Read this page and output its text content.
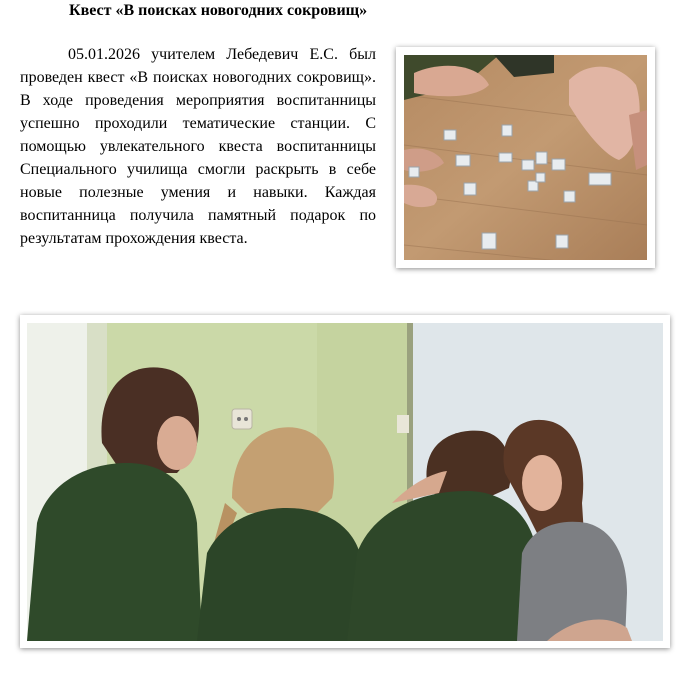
Квест «В поисках новогодних сокровищ»

05.01.2026 учителем Лебедевич Е.С. был проведен квест «В поисках новогодних сокровищ». В ходе проведения мероприятия воспитанницы успешно проходили тематические станции. С помощью увлекательного квеста воспитанницы Специального училища смогли раскрыть в себе новые полезные умения и навыки. Каждая воспитанница получила памятный подарок по результатам прохождения квеста.
